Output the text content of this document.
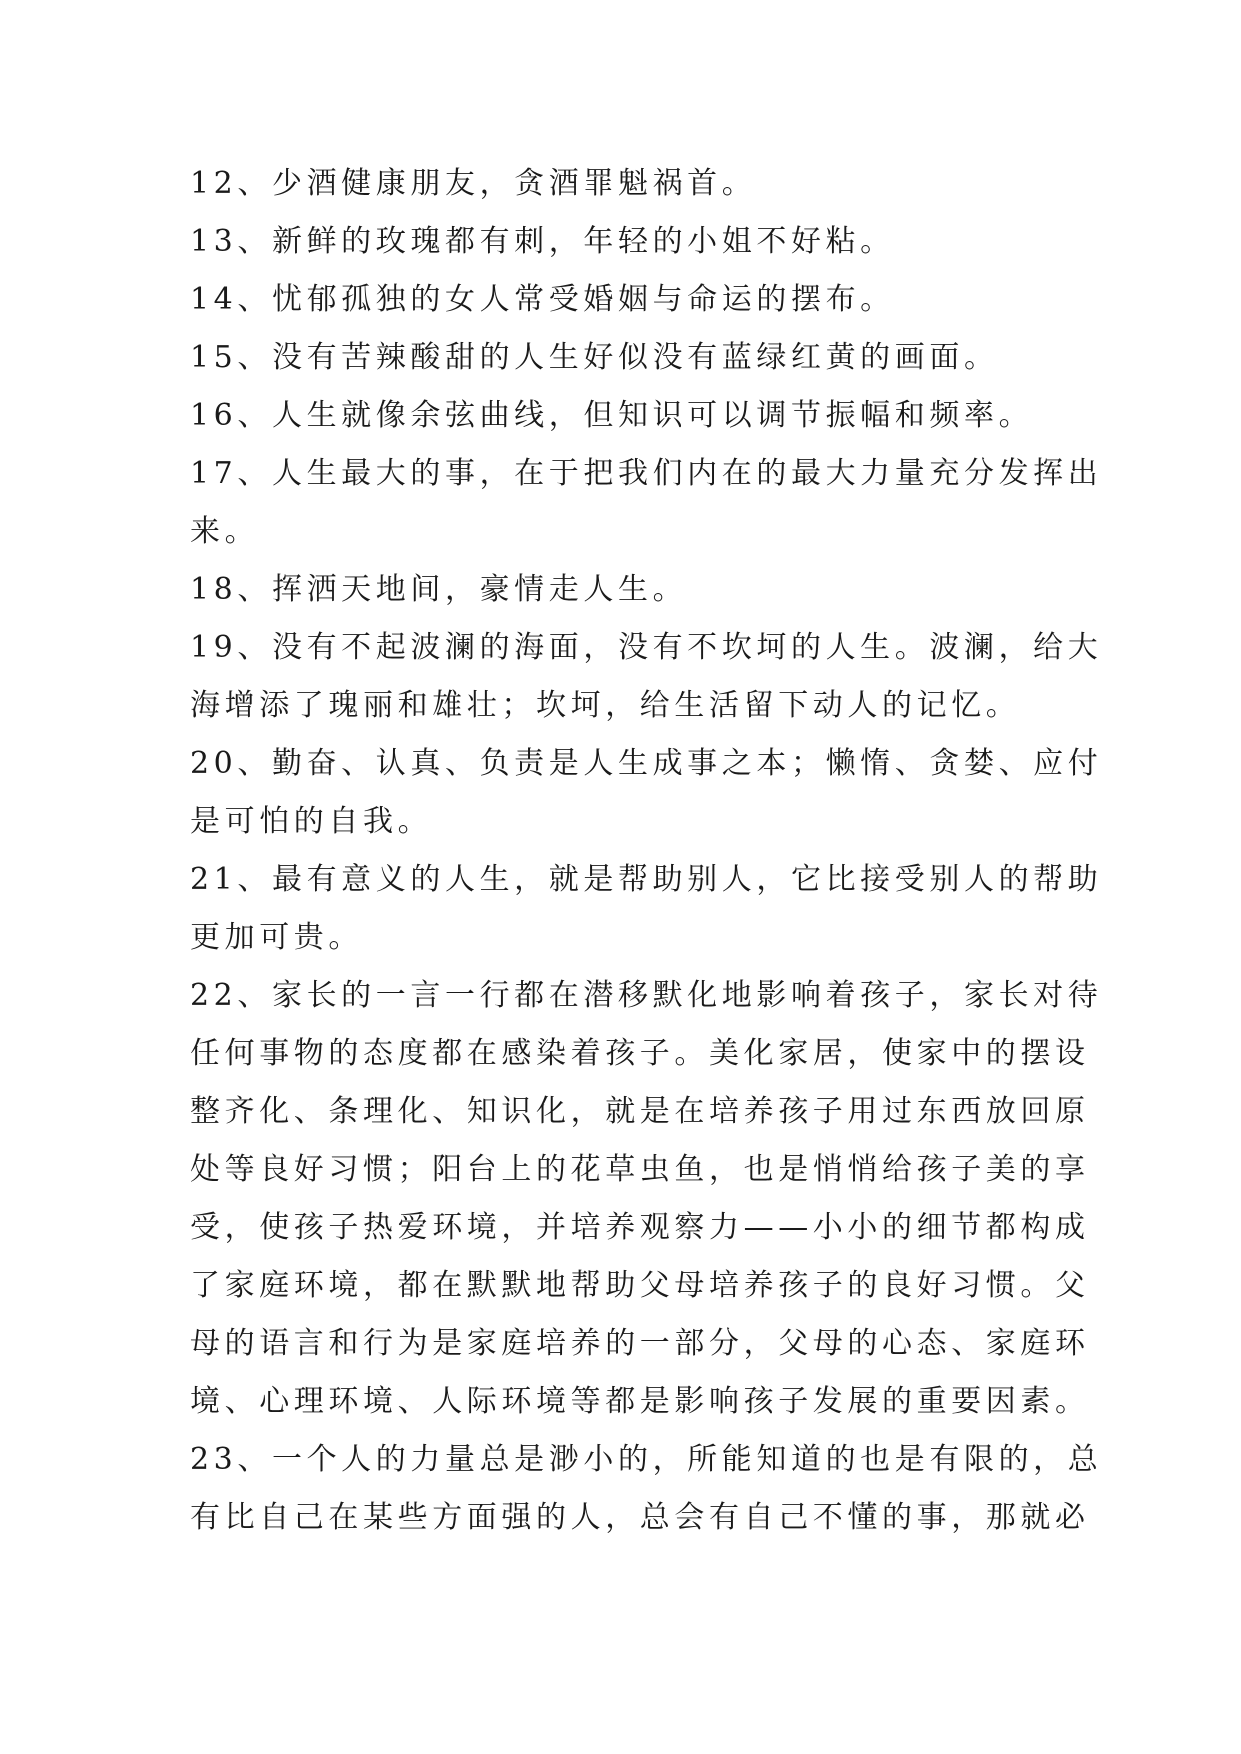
12、少酒健康朋友，贪酒罪魁祸首。
13、新鲜的玫瑰都有刺，年轻的小姐不好粘。
14、忧郁孤独的女人常受婚姻与命运的摆布。
15、没有苦辣酸甜的人生好似没有蓝绿红黄的画面。
16、人生就像余弦曲线，但知识可以调节振幅和频率。
17、人生最大的事，在于把我们内在的最大力量充分发挥出
来。
18、挥洒天地间，豪情走人生。
19、没有不起波澜的海面，没有不坎坷的人生。波澜，给大
海增添了瑰丽和雄壮；坎坷，给生活留下动人的记忆。
20、勤奋、认真、负责是人生成事之本；懒惰、贪婪、应付
是可怕的自我。
21、最有意义的人生，就是帮助别人，它比接受别人的帮助
更加可贵。
22、家长的一言一行都在潜移默化地影响着孩子，家长对待
任何事物的态度都在感染着孩子。美化家居，使家中的摆设
整齐化、条理化、知识化，就是在培养孩子用过东西放回原
处等良好习惯；阳台上的花草虫鱼，也是悄悄给孩子美的享
受，使孩子热爱环境，并培养观察力——小小的细节都构成
了家庭环境，都在默默地帮助父母培养孩子的良好习惯。父
母的语言和行为是家庭培养的一部分，父母的心态、家庭环
境、心理环境、人际环境等都是影响孩子发展的重要因素。
23、一个人的力量总是渺小的，所能知道的也是有限的，总
有比自己在某些方面强的人，总会有自己不懂的事，那就必
